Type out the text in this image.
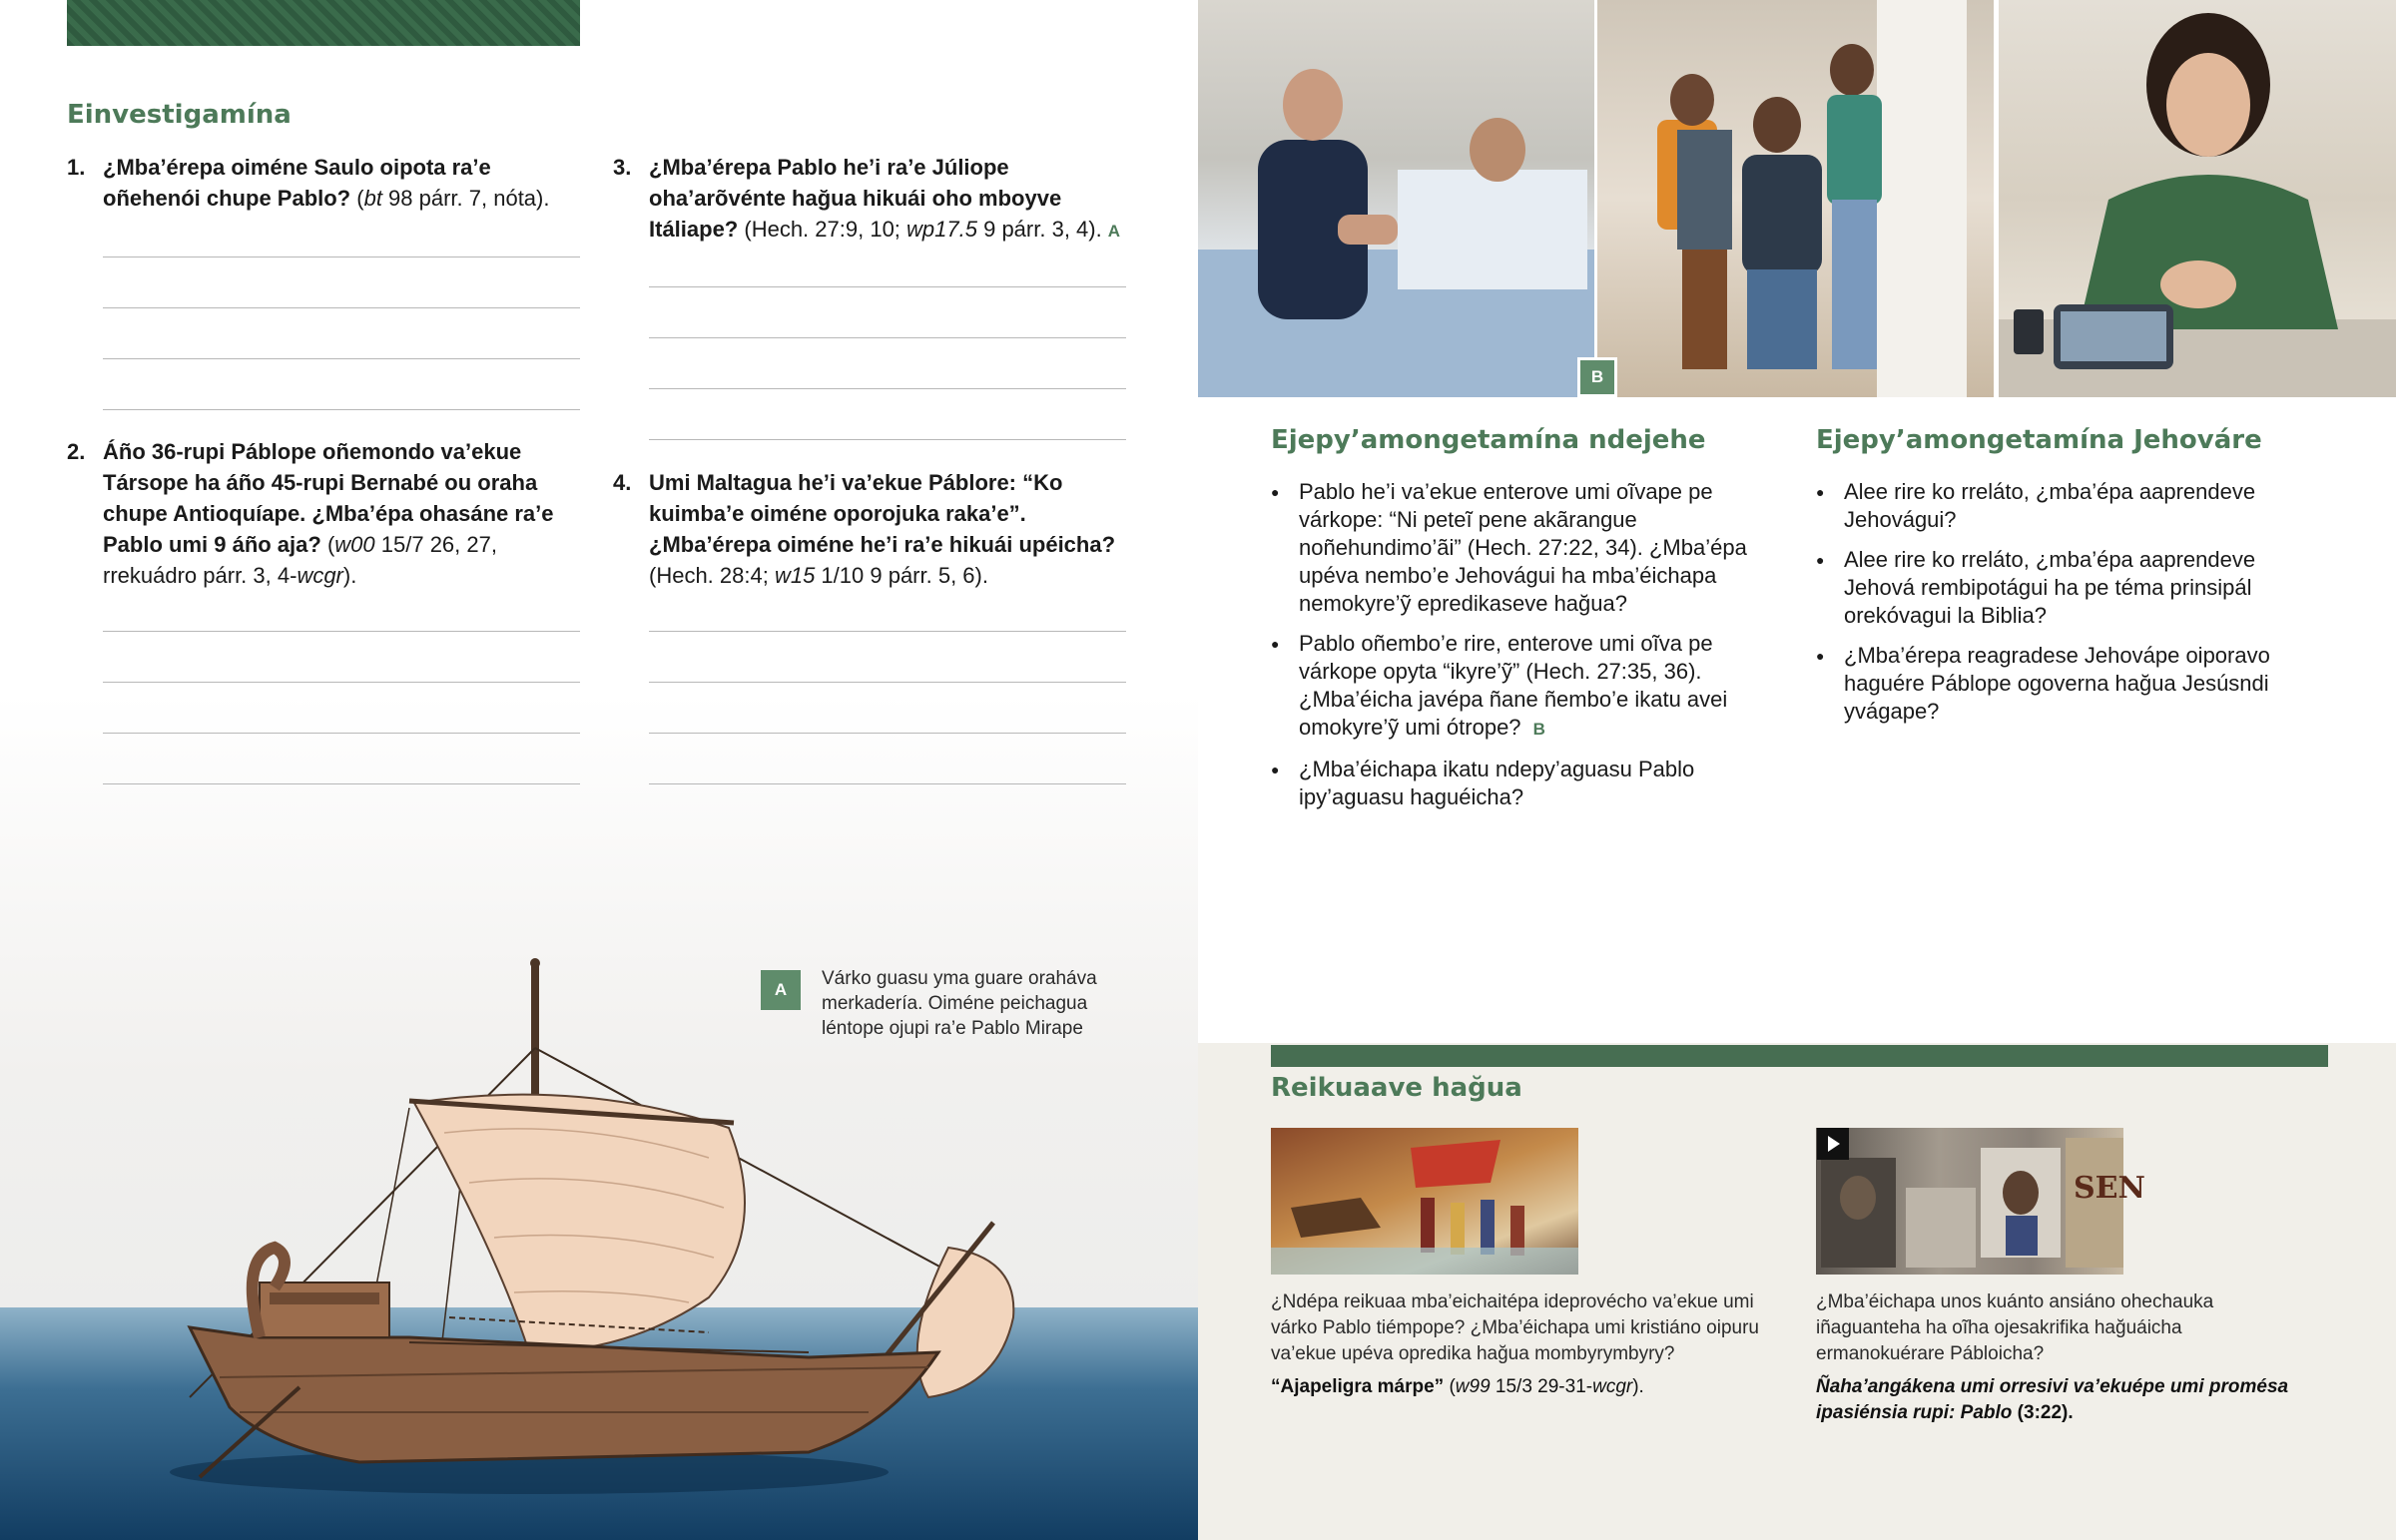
Einvestigamína
1. ¿Mba’érepa oiméne Saulo oipota ra’e oñehenói chupe Pablo? (bt 98 párr. 7, nóta).
2. Áño 36-rupi Páblope oñemondo va’ekue Társope ha áño 45-rupi Bernabé ou oraha chupe Antioquíape. ¿Mba’épa ohasáne ra’e Pablo umi 9 áño aja? (w00 15/7 26, 27, rrekuádro párr. 3, 4-wcgr).
3. ¿Mba’érepa Pablo he’i ra’e Júliope oha’arõvénte hağua hikuái oho mboyve Itáliape? (Hech. 27:9, 10; wp17.5 9 párr. 3, 4). A
4. Umi Maltagua he’i va’ekue Páblore: “Ko kuimba’e oiméne oporojuka raka’e”. ¿Mba’érepa oiméne he’i ra’e hikuái upéicha? (Hech. 28:4; w15 1/10 9 párr. 5, 6).
A
Várko guasu yma guare oraháva merkadería. Oiméne peichagua léntope ojupi ra’e Pablo Mirape
B
Ejepy’amongetamína ndejehe
● Pablo he’i va’ekue enterove umi oĩvape pe várkope: “Ni peteĩ pene akãrangue noñehundimo’ãi” (Hech. 27:22, 34). ¿Mba’épa upéva nembo’e Jehovágui ha mba’éichapa nemokyre’ỹ epredikaseve hağua?
● Pablo oñembo’e rire, enterove umi oĩva pe várkope opyta “ikyre’ỹ” (Hech. 27:35, 36). ¿Mba’éicha javépa ñane ñembo’e ikatu avei omokyre’ỹ umi ótrope? B
● ¿Mba’éichapa ikatu ndepy’aguasu Pablo ipy’aguasu haguéicha?
Ejepy’amongetamína Jehováre
● Alee rire ko rreláto, ¿mba’épa aaprendeve Jehovágui?
● Alee rire ko rreláto, ¿mba’épa aaprendeve Jehová rembipotágui ha pe téma prinsipál orekóvagui la Biblia?
● ¿Mba’érepa reagradese Jehovápe oiporavo haguére Páblope ogoverna hağua Jesúsndi yvágape?
Reikuaave hağua
¿Ndépa reikuaa mba’eichaitépa ideprovécho va’ekue umi várko Pablo tiémpope? ¿Mba’éichapa umi kristiáno oipuru va’ekue upéva opredika hağua mombyrymbyry?
“Ajapeligra márpe” (w99 15/3 29-31-wcgr).
SEN
¿Mba’éichapa unos kuánto ansiáno ohechauka iñaguanteha ha oĩha ojesakrifika hağuáicha ermanokuérare Pábloicha?
Ñaha’angákena umi orresivi va’ekuépe umi promésa ipasiénsia rupi: Pablo (3:22).
